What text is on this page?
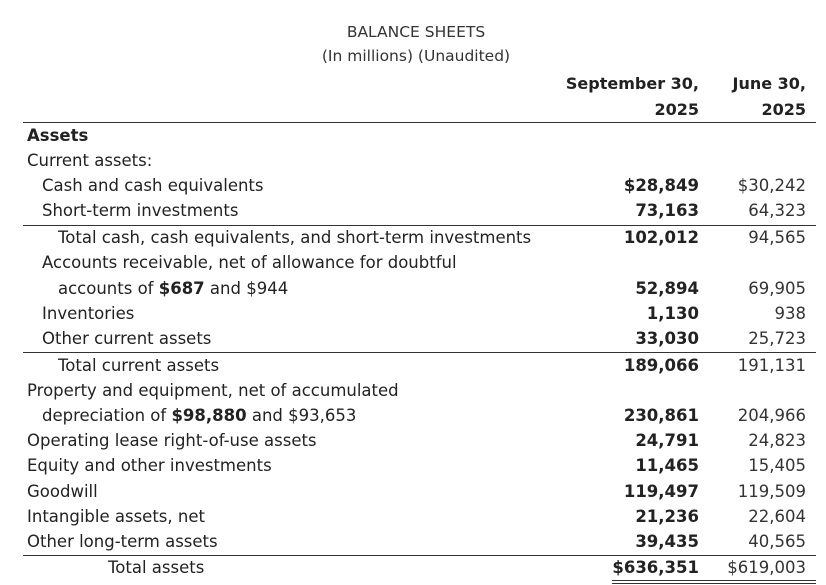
BALANCE SHEETS
(In millions) (Unaudited)
September 30,
2025
June 30,
2025
Assets
Current assets:
Cash and cash equivalents	$28,849 $30,242
Short-term investments	73,163	64,323
Total cash, cash equivalents, and short-term investments	102,012	94,565
Accounts receivable, net of allowance for doubtful
accounts of $687 and $944	52,894	69,905
Inventories	1,130	938
Other current assets	33,030	25,723
Total current assets	189,066 191,131
Property and equipment, net of accumulated
depreciation of $98,880 and $93,653	230,861 204,966
Operating lease right-of-use assets	24,791	24,823
Equity and other investments	11,465	15,405
Goodwill	119,497 119,509
Intangible assets, net	21,236	22,604
Other long-term assets	39,435	40,565
Total assets	$636,351 $619,003
